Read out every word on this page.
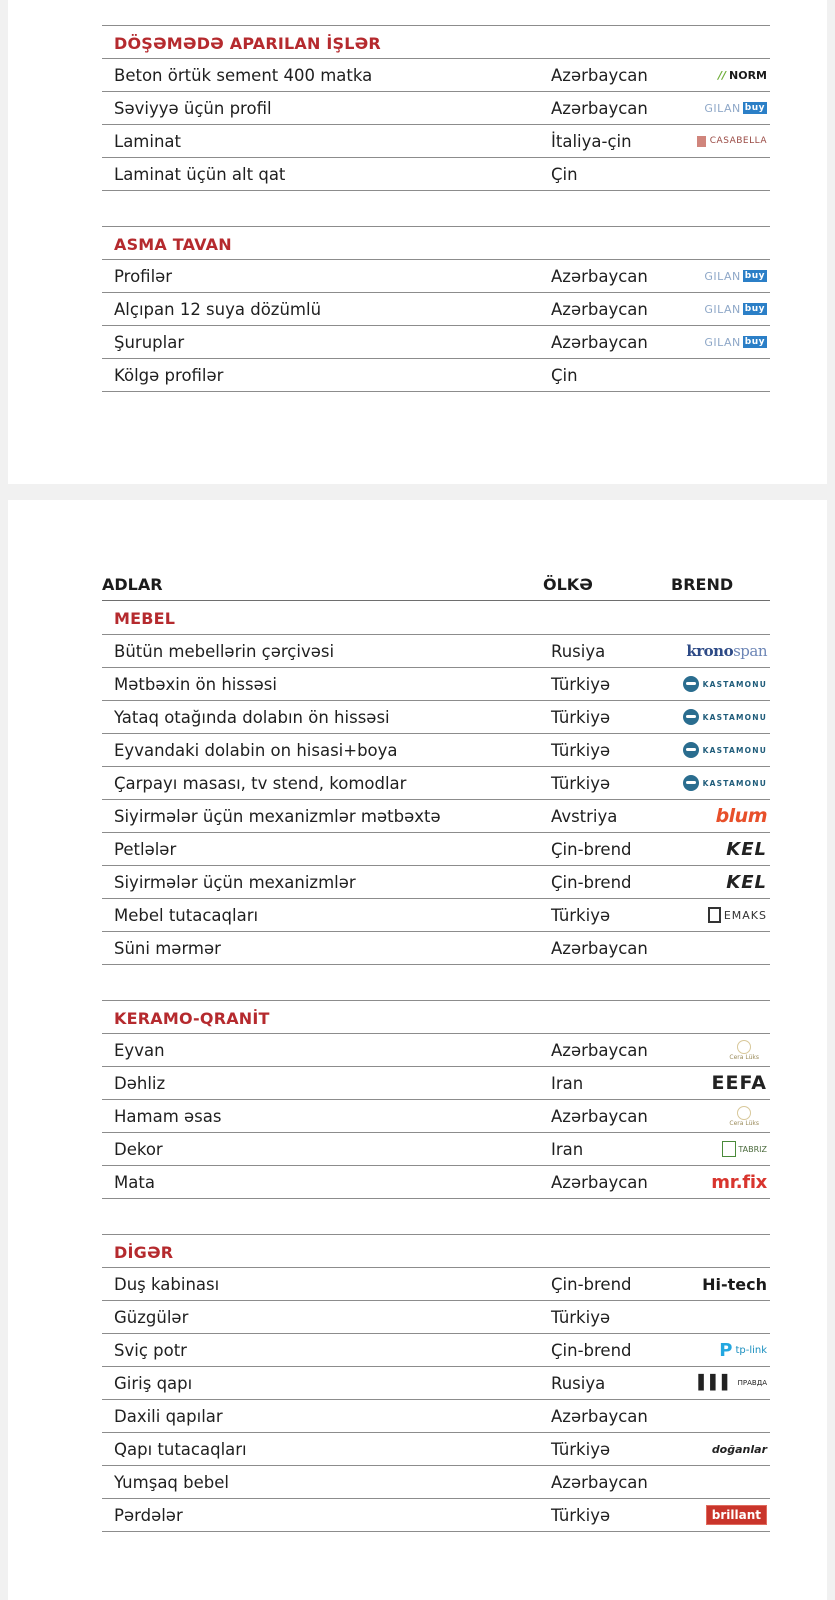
DÖŞƏMƏDƏ APARILAN İŞLƏR
Beton örtük sement 400 matka	Azərbaycan	// NORM
Səviyyə üçün profil	Azərbaycan	GILAN buy
Laminat	İtaliya-çin	CASABELLA
Laminat üçün alt qat	Çin
ASMA TAVAN
Profilər	Azərbaycan	GILAN buy
Alçıpan 12 suya dözümlü	Azərbaycan	GILAN buy
Şuruplar	Azərbaycan	GILAN buy
Kölgə profilər	Çin
ADLAR	ÖLKƏ	BREND
MEBEL
Bütün mebellərin çərçivəsi	Rusiya	kronospan
Mətbəxin ön hissəsi	Türkiyə	KASTAMONU
Yataq otağında dolabın ön hissəsi	Türkiyə	KASTAMONU
Eyvandaki dolabin on hisasi+boya	Türkiyə	KASTAMONU
Çarpayı masası, tv stend, komodlar	Türkiyə	KASTAMONU
Siyirmələr üçün mexanizmlər mətbəxtə	Avstriya	blum
Petlələr	Çin-brend	KEL
Siyirmələr üçün mexanizmlər	Çin-brend	KEL
Mebel tutacaqları	Türkiyə	EMAKS
Süni mərmər	Azərbaycan
KERAMO-QRANİT
Eyvan	Azərbaycan	Cera Lüks
Dəhliz	Iran	EEFA
Hamam əsas	Azərbaycan	Cera Lüks
Dekor	Iran	TABRIZ
Mata	Azərbaycan	mr.fix
DİGƏR
Duş kabinası	Çin-brend	Hi-tech
Güzgülər	Türkiyə
Sviç potr	Çin-brend	P tp-link
Giriş qapı	Rusiya	▌▌▌ ПРАВДА
Daxili qapılar	Azərbaycan
Qapı tutacaqları	Türkiyə	doğanlar
Yumşaq bebel	Azərbaycan
Pərdələr	Türkiyə	brillant
